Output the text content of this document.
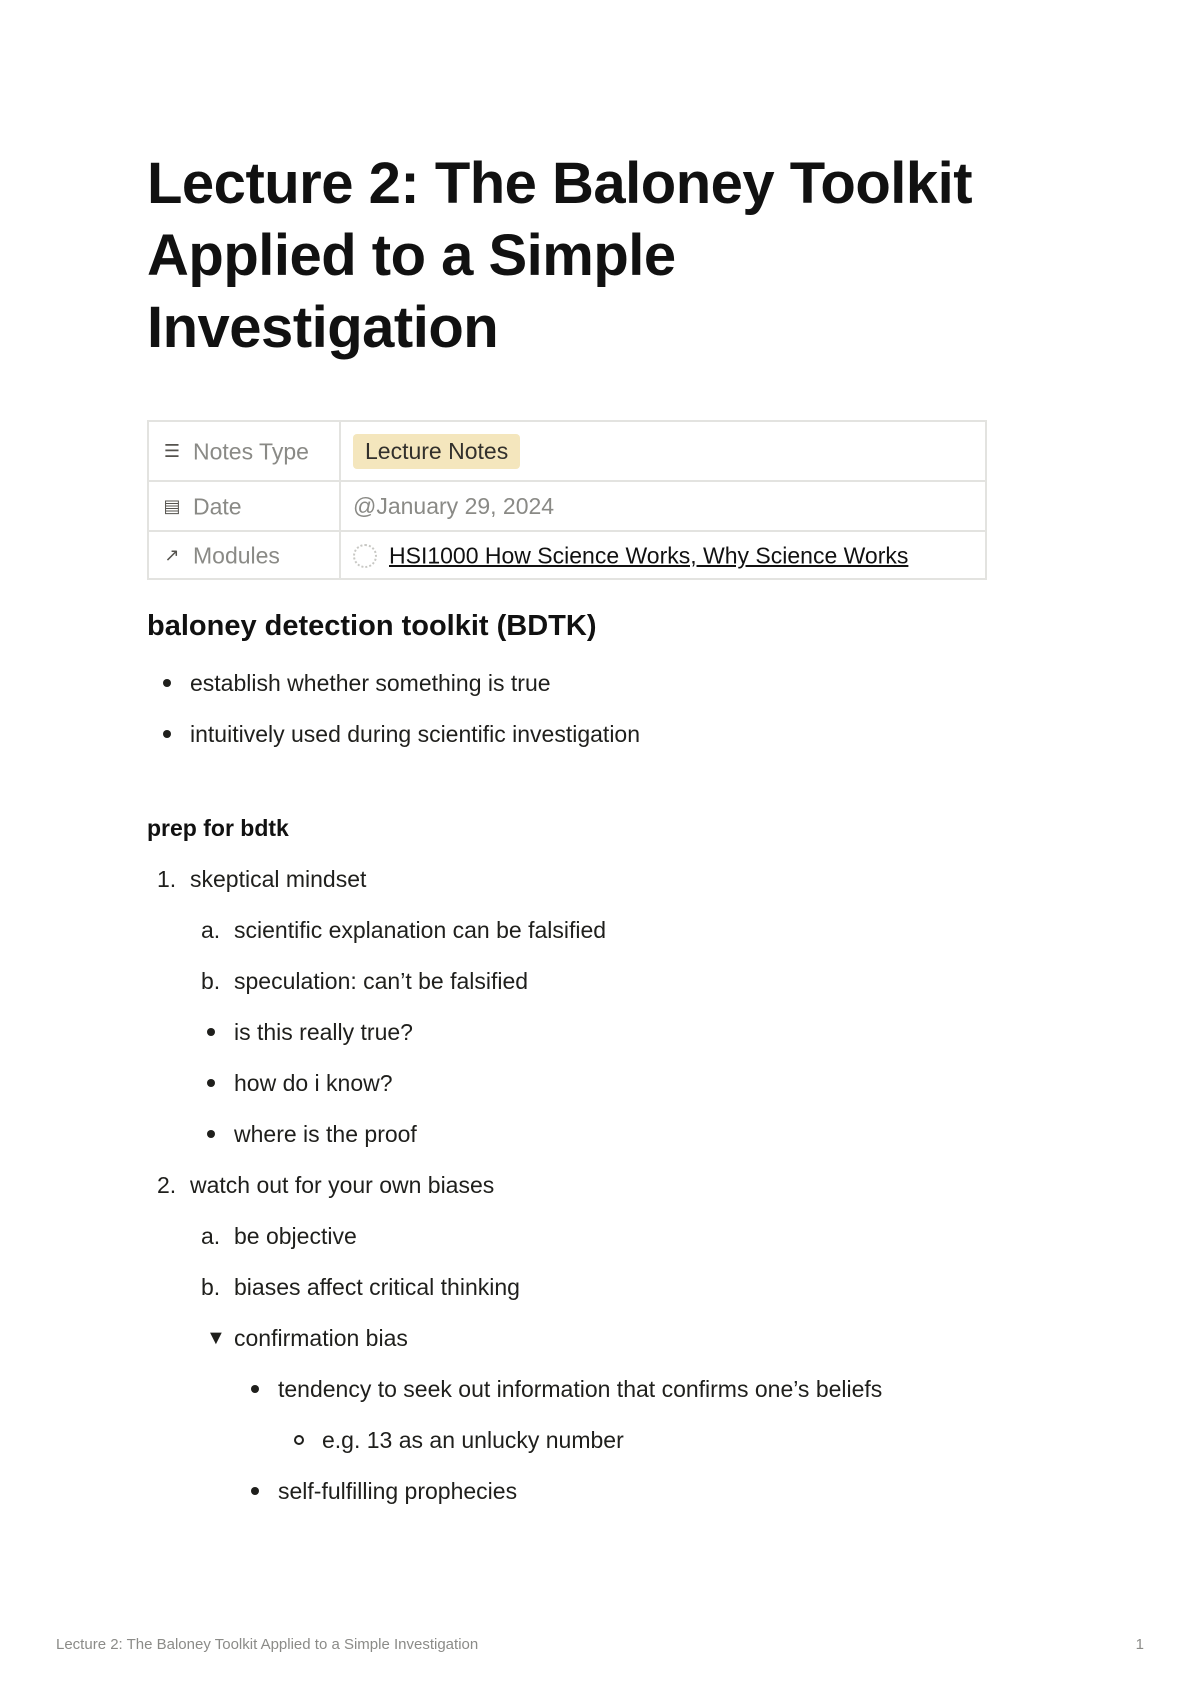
Lecture 2: The Baloney Toolkit Applied to a Simple Investigation
☰ Notes Type	Lecture Notes
▤ Date	@January 29, 2024
↗ Modules	HSI1000 How Science Works, Why Science Works
baloney detection toolkit (BDTK)
establish whether something is true
intuitively used during scientific investigation
prep for bdtk
1. skeptical mindset
a. scientific explanation can be falsified
b. speculation: can’t be falsified
is this really true?
how do i know?
where is the proof
2. watch out for your own biases
a. be objective
b. biases affect critical thinking
▼ confirmation bias
tendency to seek out information that confirms one’s beliefs
e.g. 13 as an unlucky number
self-fulfilling prophecies
Lecture 2: The Baloney Toolkit Applied to a Simple Investigation	1
